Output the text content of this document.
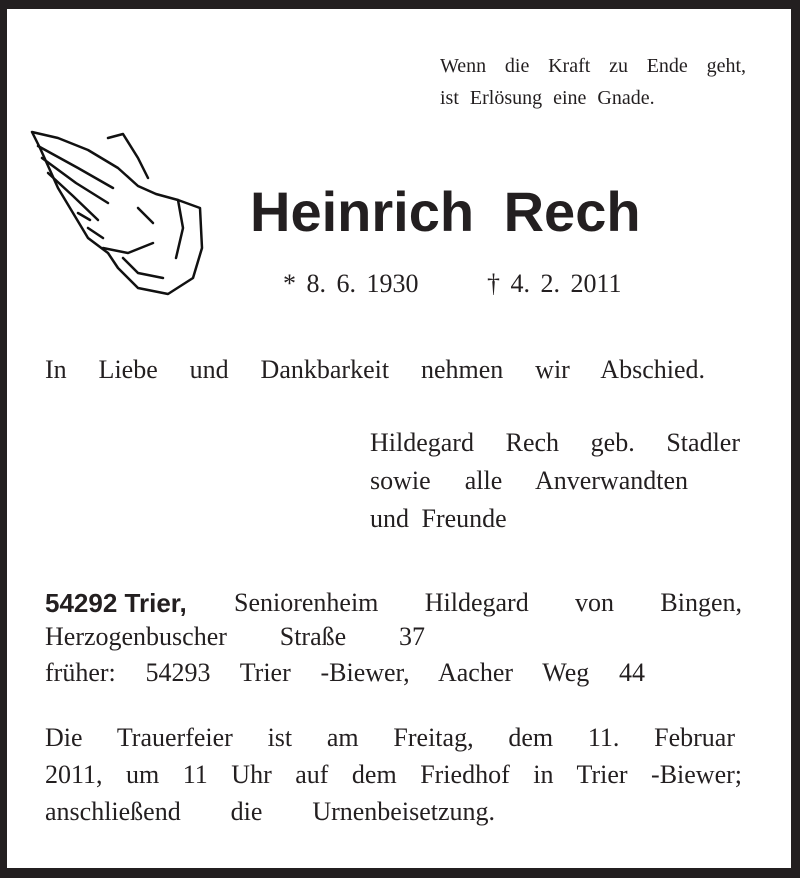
Wenn die Kraft zu Ende geht,
ist Erlösung eine Gnade.
Heinrich Rech
* 8. 6. 1930	† 4. 2. 2011
In Liebe und Dankbarkeit nehmen wir Abschied.
Hildegard Rech geb. Stadler
sowie alle Anverwandten
und Freunde
54292 Trier, Seniorenheim Hildegard von Bingen,
Herzogenbuscher Straße 37
früher: 54293 Trier -Biewer, Aacher Weg 44
Die Trauerfeier ist am Freitag, dem 11. Februar
2011, um 11 Uhr auf dem Friedhof in Trier -Biewer;
anschließend die Urnenbeisetzung.
